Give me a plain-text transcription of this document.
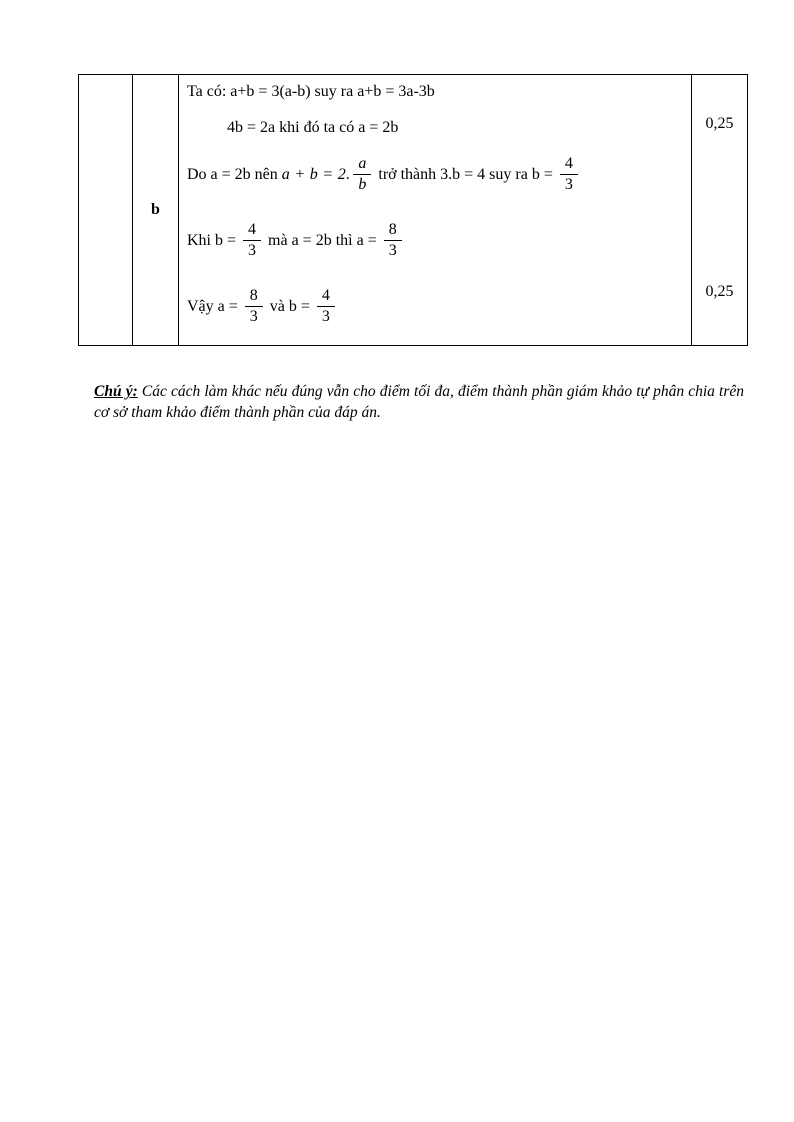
b
Ta có: a+b = 3(a-b) suy ra a+b = 3a-3b
4b = 2a khi đó ta có a = 2b
Do a = 2b nên a + b = 2. $\frac{a}{b}$ trở thành 3.b = 4 suy ra $b = \frac{4}{3}$
Khi $b = \frac{4}{3}$ mà a = 2b thì $a = \frac{8}{3}$
Vậy $a = \frac{8}{3}$ và $b = \frac{4}{3}$
0,25
0,25

Chú ý: Các cách làm khác nếu đúng vẫn cho điểm tối đa, điểm thành phần giám khảo tự phân chia trên cơ sở tham khảo điểm thành phần của đáp án.
